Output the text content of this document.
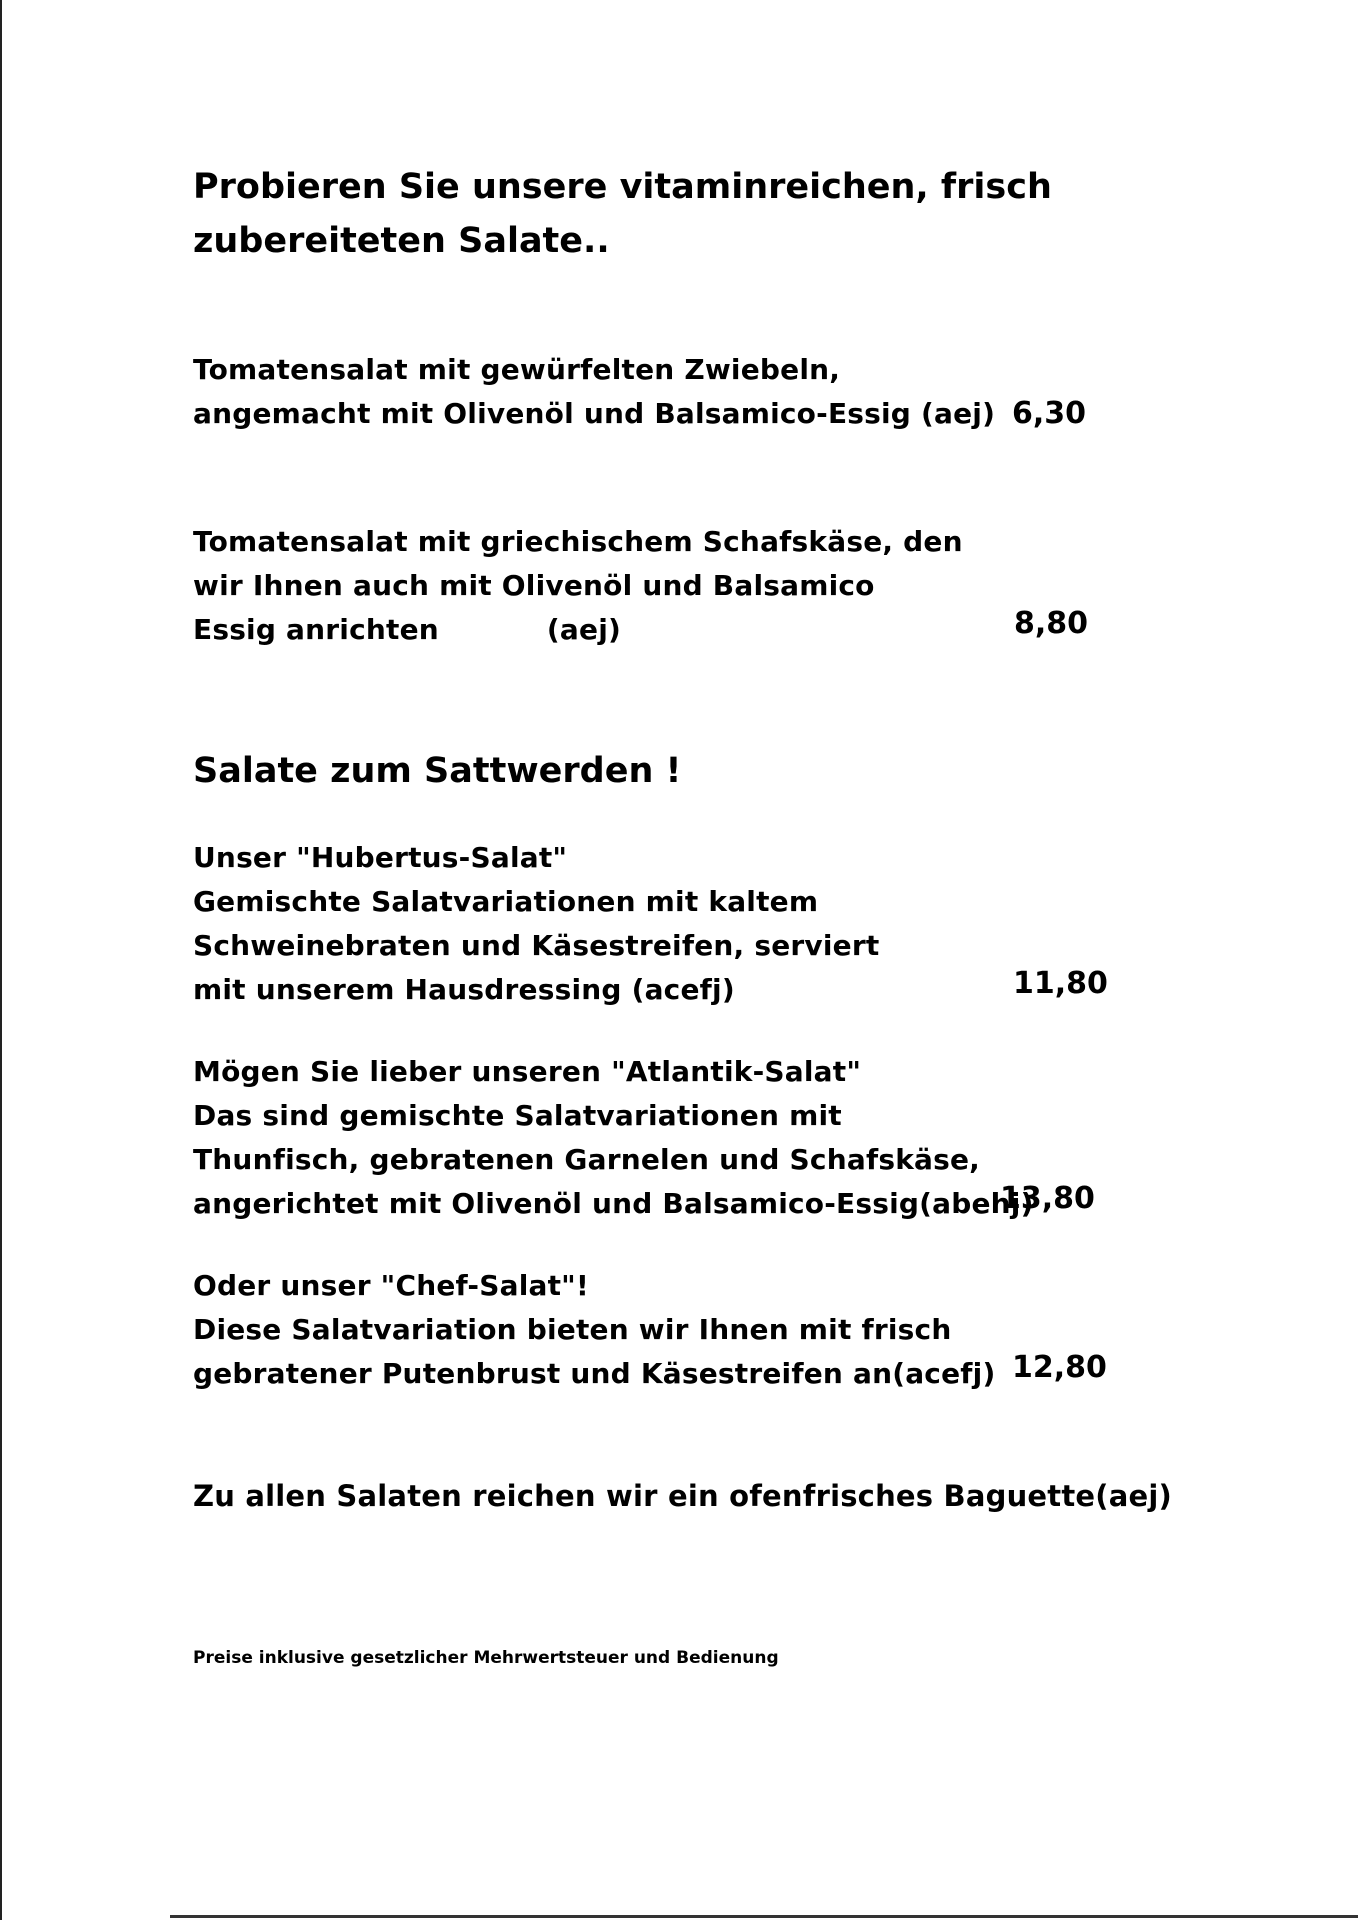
Probieren Sie unsere vitaminreichen, frisch
zubereiteten Salate..
Tomatensalat mit gewürfelten Zwiebeln,
angemacht mit Olivenöl und Balsamico-Essig (aej) 6,30
Tomatensalat mit griechischem Schafskäse, den
wir Ihnen auch mit Olivenöl und Balsamico
Essig anrichten	(aej)	8,80
Salate zum Sattwerden !
Unser "Hubertus-Salat"
Gemischte Salatvariationen mit kaltem
Schweinebraten und Käsestreifen, serviert
mit unserem Hausdressing (acefj)	11,80
Mögen Sie lieber unseren "Atlantik-Salat"
Das sind gemischte Salatvariationen mit
Thunfisch, gebratenen Garnelen und Schafskäse,
angerichtet mit Olivenöl und Balsamico-Essig(abehj)
13,80
Oder unser "Chef-Salat"!
Diese Salatvariation bieten wir Ihnen mit frisch
gebratener Putenbrust und Käsestreifen an(acefj) 12,80
Zu allen Salaten reichen wir ein ofenfrisches Baguette(aej)
Preise inklusive gesetzlicher Mehrwertsteuer und Bedienung
